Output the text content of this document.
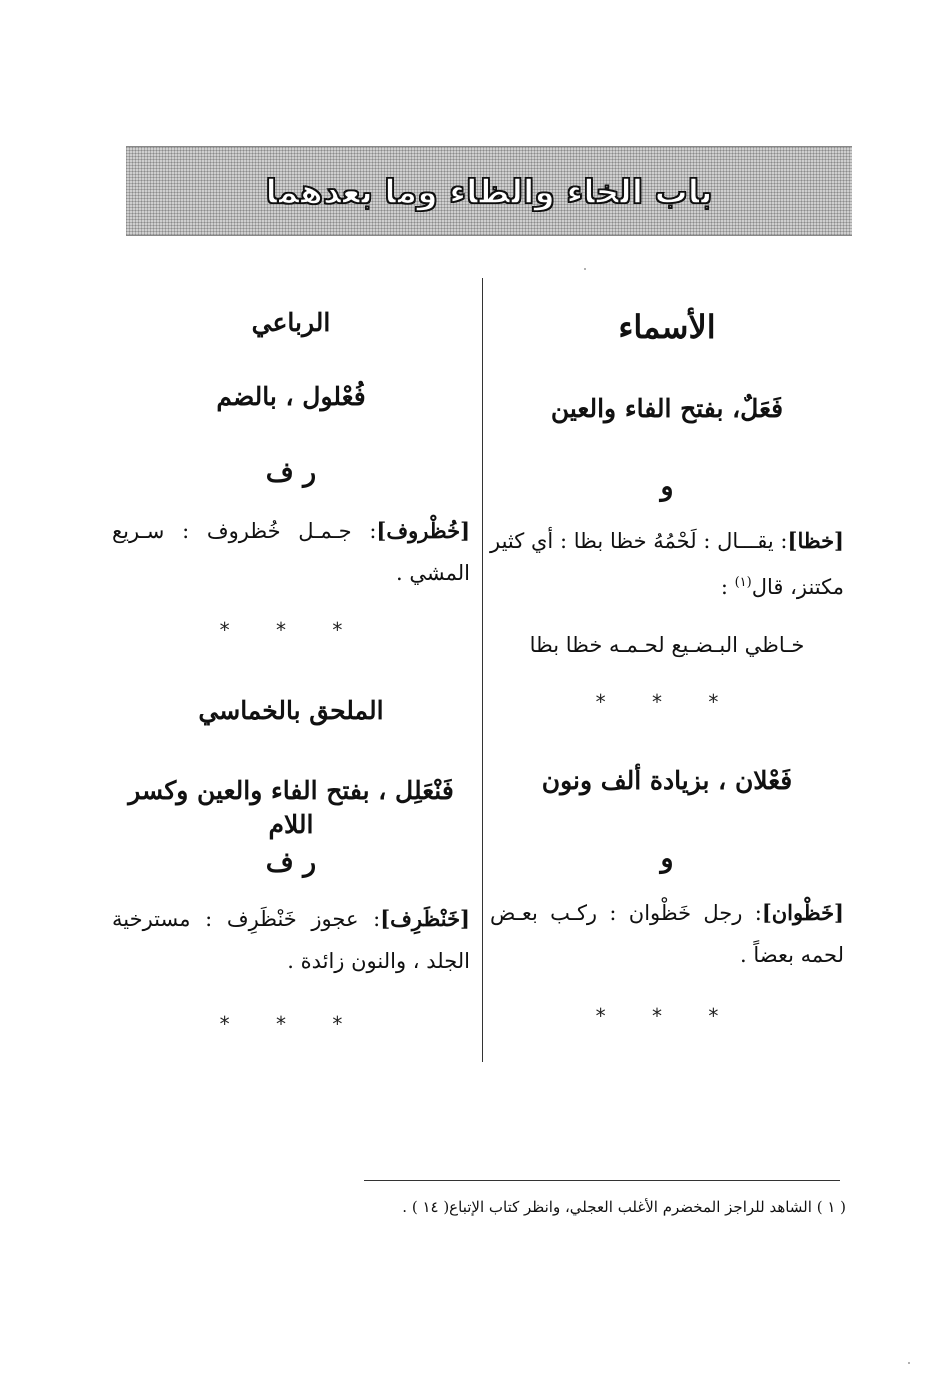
باب الخاء والظاء وما بعدهما
الأسماء
فَعَلٌ، بفتح الفاء والعين
و
[خظا]: يقـــال : لَحْمُهُ خظا بظا : أي كثير مكتنز، قال$^{(١)}$ :
خـاظي البـضـيع لحـمـه خظا بظا
* * *
فَعْلان ، بزيادة ألف ونون
و
[خَظْوان]: رجل خَظْوان : ركـب بعـض لحمه بعضاً .
* * *
الرباعي
فُعْلول ، بالضم
ر ف
[خُظْروف]: جـمـل خُظروف : سـريع المشي .
* * *
الملحق بالخماسي
فَنْعَلِل ، بفتح الفاء والعين وكسر اللام
ر ف
[خَنْظَرِف]: عجوز خَنْظَرِف : مسترخية الجلد ، والنون زائدة .
* * *
( ١ ) الشاهد للراجز المخضرم الأغلب العجلي، وانظر كتاب الإتباع( ١٤ ) .
